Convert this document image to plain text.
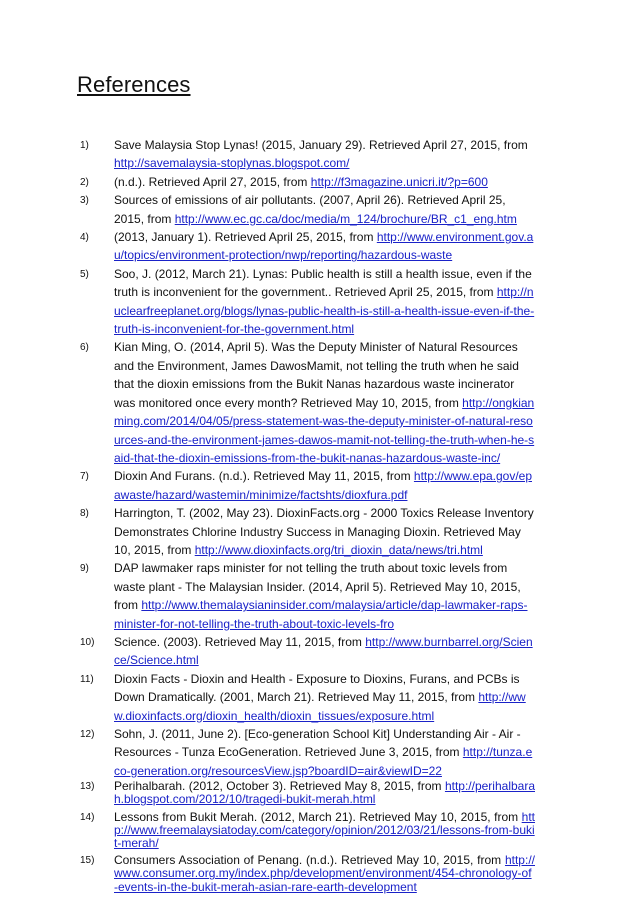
References
1) Save Malaysia Stop Lynas! (2015, January 29). Retrieved April 27, 2015, from http://savemalaysia-stoplynas.blogspot.com/
2) (n.d.). Retrieved April 27, 2015, from http://f3magazine.unicri.it/?p=600
3) Sources of emissions of air pollutants. (2007, April 26). Retrieved April 25, 2015, from http://www.ec.gc.ca/doc/media/m_124/brochure/BR_c1_eng.htm
4) (2013, January 1). Retrieved April 25, 2015, from http://www.environment.gov.au/topics/environment-protection/nwp/reporting/hazardous-waste
5) Soo, J. (2012, March 21). Lynas: Public health is still a health issue, even if the truth is inconvenient for the government.. Retrieved April 25, 2015, from http://nuclearfreeplanet.org/blogs/lynas-public-health-is-still-a-health-issue-even-if-the-truth-is-inconvenient-for-the-government.html
6) Kian Ming, O. (2014, April 5). Was the Deputy Minister of Natural Resources and the Environment, James DawosMamit, not telling the truth when he said that the dioxin emissions from the Bukit Nanas hazardous waste incinerator was monitored once every month? Retrieved May 10, 2015, from http://ongkianming.com/2014/04/05/press-statement-was-the-deputy-minister-of-natural-resources-and-the-environment-james-dawos-mamit-not-telling-the-truth-when-he-said-that-the-dioxin-emissions-from-the-bukit-nanas-hazardous-waste-inc/
7) Dioxin And Furans. (n.d.). Retrieved May 11, 2015, from http://www.epa.gov/epawaste/hazard/wastemin/minimize/factshts/dioxfura.pdf
8) Harrington, T. (2002, May 23). DioxinFacts.org - 2000 Toxics Release Inventory Demonstrates Chlorine Industry Success in Managing Dioxin. Retrieved May 10, 2015, from http://www.dioxinfacts.org/tri_dioxin_data/news/tri.html
9) DAP lawmaker raps minister for not telling the truth about toxic levels from waste plant - The Malaysian Insider. (2014, April 5). Retrieved May 10, 2015, from http://www.themalaysianinsider.com/malaysia/article/dap-lawmaker-raps-minister-for-not-telling-the-truth-about-toxic-levels-fro
10) Science. (2003). Retrieved May 11, 2015, from http://www.burnbarrel.org/Science/Science.html
11) Dioxin Facts - Dioxin and Health - Exposure to Dioxins, Furans, and PCBs is Down Dramatically. (2001, March 21). Retrieved May 11, 2015, from http://www.dioxinfacts.org/dioxin_health/dioxin_tissues/exposure.html
12) Sohn, J. (2011, June 2). [Eco-generation School Kit] Understanding Air - Air - Resources - Tunza EcoGeneration. Retrieved June 3, 2015, from http://tunza.eco-generation.org/resourcesView.jsp?boardID=air&viewID=22
13) Perihalbarah. (2012, October 3). Retrieved May 8, 2015, from http://perihalbarah.blogspot.com/2012/10/tragedi-bukit-merah.html
14) Lessons from Bukit Merah. (2012, March 21). Retrieved May 10, 2015, from http://www.freemalaysiatoday.com/category/opinion/2012/03/21/lessons-from-bukit-merah/
15) Consumers Association of Penang. (n.d.). Retrieved May 10, 2015, from http://www.consumer.org.my/index.php/development/environment/454-chronology-of-events-in-the-bukit-merah-asian-rare-earth-development
